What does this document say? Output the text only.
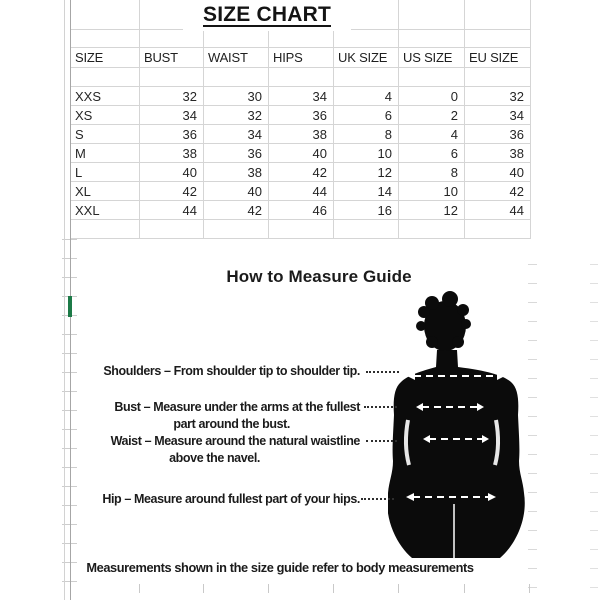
SIZE	BUST	WAIST	HIPS	UK SIZE	US SIZE	EU SIZE

XXS	32	30	34	4	0	32
XS	34	32	36	6	2	34
S	36	34	38	8	4	36
M	38	36	40	10	6	38
L	40	38	42	12	8	40
XL	42	40	44	14	10	42
XXL	44	42	46	16	12	44

SIZE CHART
How to Measure Guide
Shoulders – From shoulder tip to shoulder tip.
Bust – Measure under the arms at the fullest
part around the bust.
Waist – Measure around the natural waistline
above the navel.
Hip – Measure around fullest part of your hips.
Measurements shown in the size guide refer to body measurements
